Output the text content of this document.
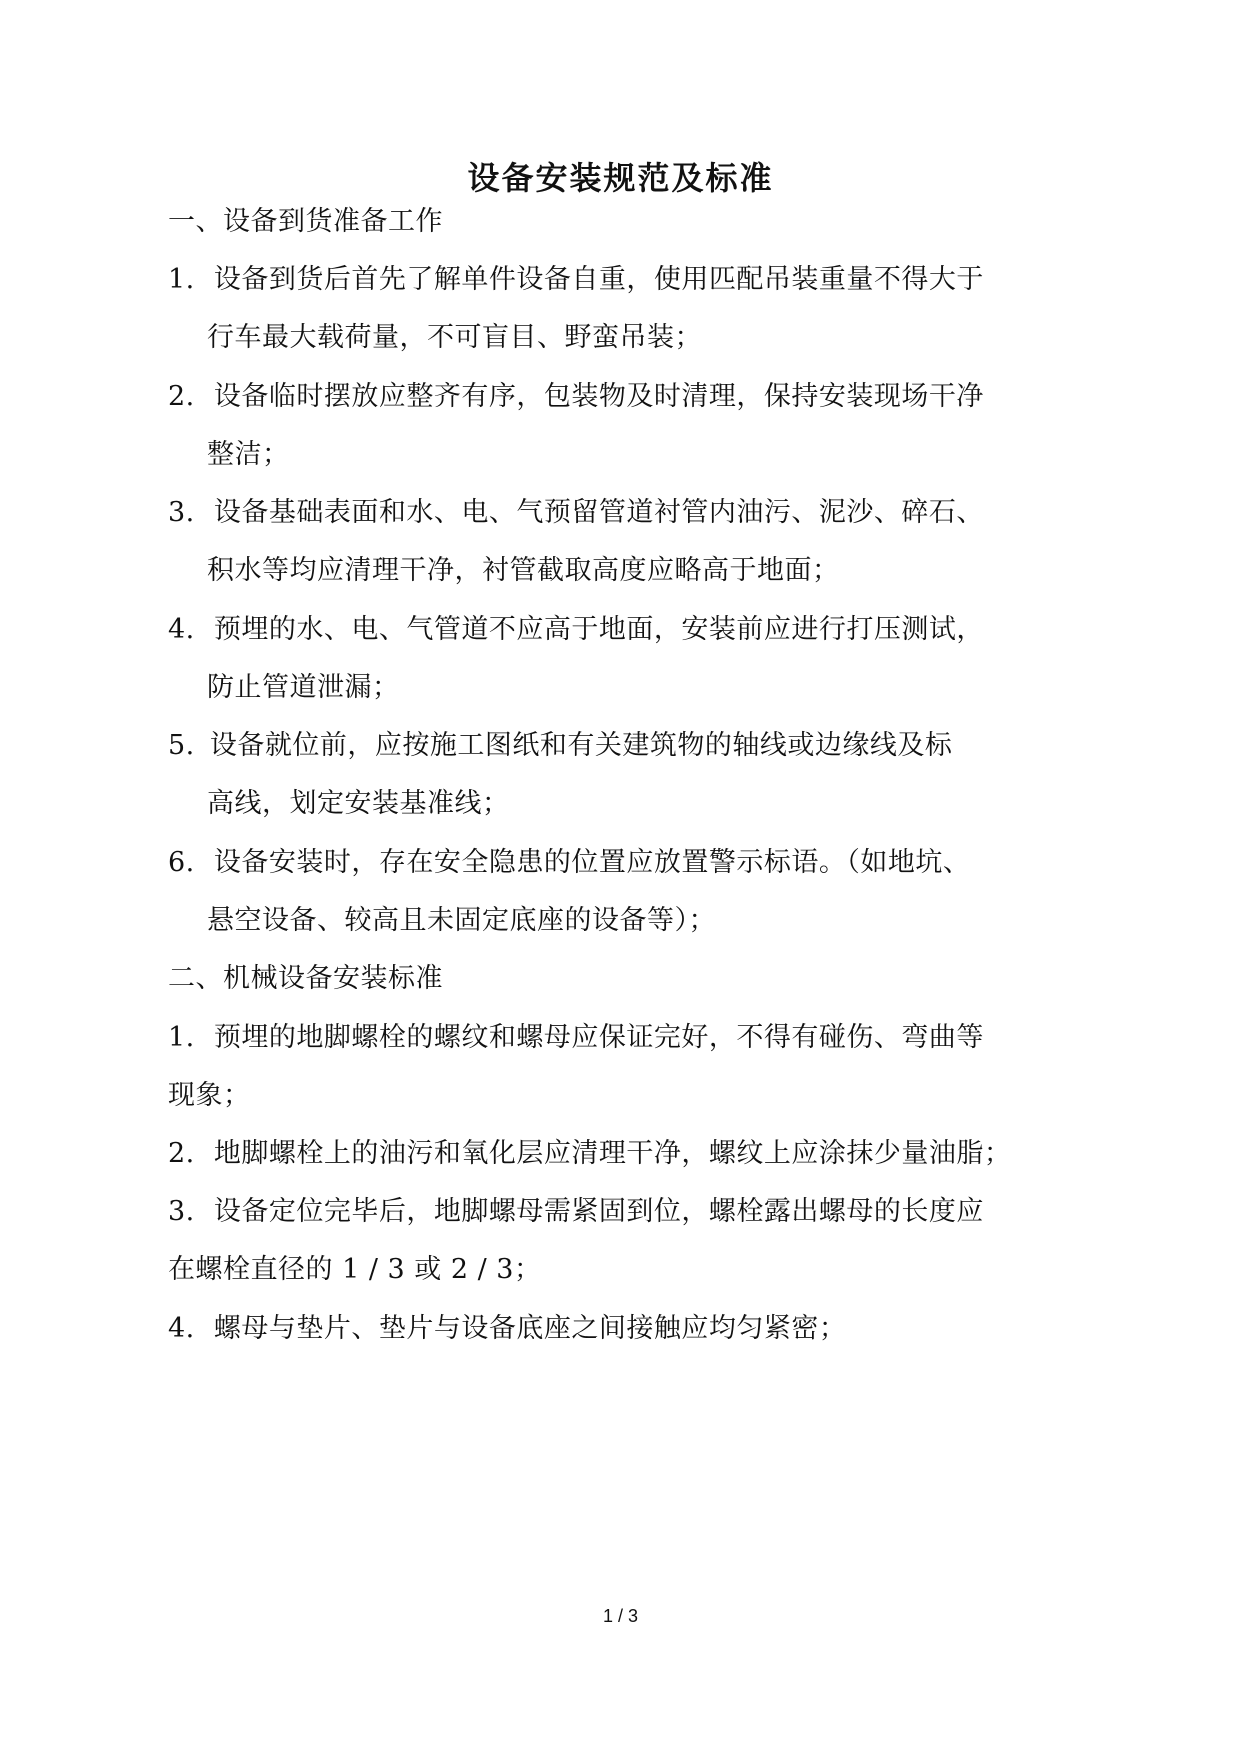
设备安装规范及标准
一、设备到货准备工作
1. 设备到货后首先了解单件设备自重，使用匹配吊装重量不得大于
行车最大载荷量，不可盲目、野蛮吊装；
2. 设备临时摆放应整齐有序，包装物及时清理，保持安装现场干净
整洁；
3. 设备基础表面和水、电、气预留管道衬管内油污、泥沙、碎石、
积水等均应清理干净，衬管截取高度应略高于地面；
4. 预埋的水、电、气管道不应高于地面，安装前应进行打压测试，
防止管道泄漏；
5. 设备就位前，应按施工图纸和有关建筑物的轴线或边缘线及标
高线，划定安装基准线；
6. 设备安装时，存在安全隐患的位置应放置警示标语。（如地坑、
悬空设备、较高且未固定底座的设备等）；
二、机械设备安装标准
1. 预埋的地脚螺栓的螺纹和螺母应保证完好，不得有碰伤、弯曲等
现象；
2. 地脚螺栓上的油污和氧化层应清理干净，螺纹上应涂抹少量油脂；
3. 设备定位完毕后，地脚螺母需紧固到位，螺栓露出螺母的长度应
在螺栓直径的 1 / 3 或 2 / 3；
4. 螺母与垫片、垫片与设备底座之间接触应均匀紧密；
1 / 3
